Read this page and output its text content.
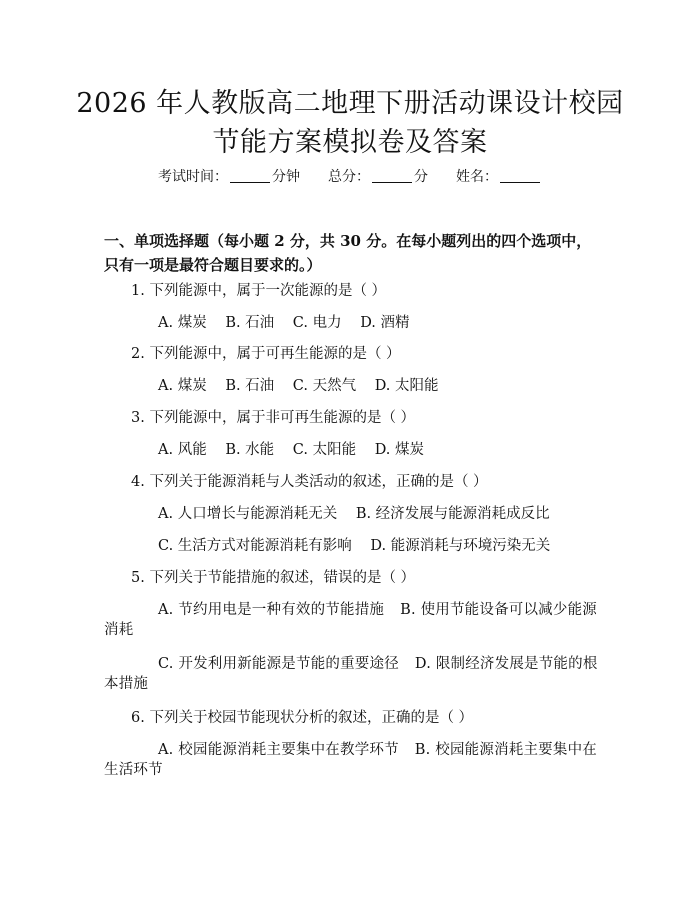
2026 年人教版高二地理下册活动课设计校园
节能方案模拟卷及答案
考试时间：	分钟 总分：	分 姓名：
一、单项选择题（每小题 2 分，共 30 分。在每小题列出的四个选项中，只有一项是最符合题目要求的。）
1. 下列能源中，属于一次能源的是（ ）
A. 煤炭 B. 石油 C. 电力 D. 酒精
2. 下列能源中，属于可再生能源的是（ ）
A. 煤炭 B. 石油 C. 天然气 D. 太阳能
3. 下列能源中，属于非可再生能源的是（ ）
A. 风能 B. 水能 C. 太阳能 D. 煤炭
4. 下列关于能源消耗与人类活动的叙述，正确的是（ ）
A. 人口增长与能源消耗无关 B. 经济发展与能源消耗成反比
C. 生活方式对能源消耗有影响 D. 能源消耗与环境污染无关
5. 下列关于节能措施的叙述，错误的是（ ）
A. 节约用电是一种有效的节能措施 B. 使用节能设备可以减少能源消耗
C. 开发利用新能源是节能的重要途径 D. 限制经济发展是节能的根本措施
6. 下列关于校园节能现状分析的叙述，正确的是（ ）
A. 校园能源消耗主要集中在教学环节 B. 校园能源消耗主要集中在生活环节
